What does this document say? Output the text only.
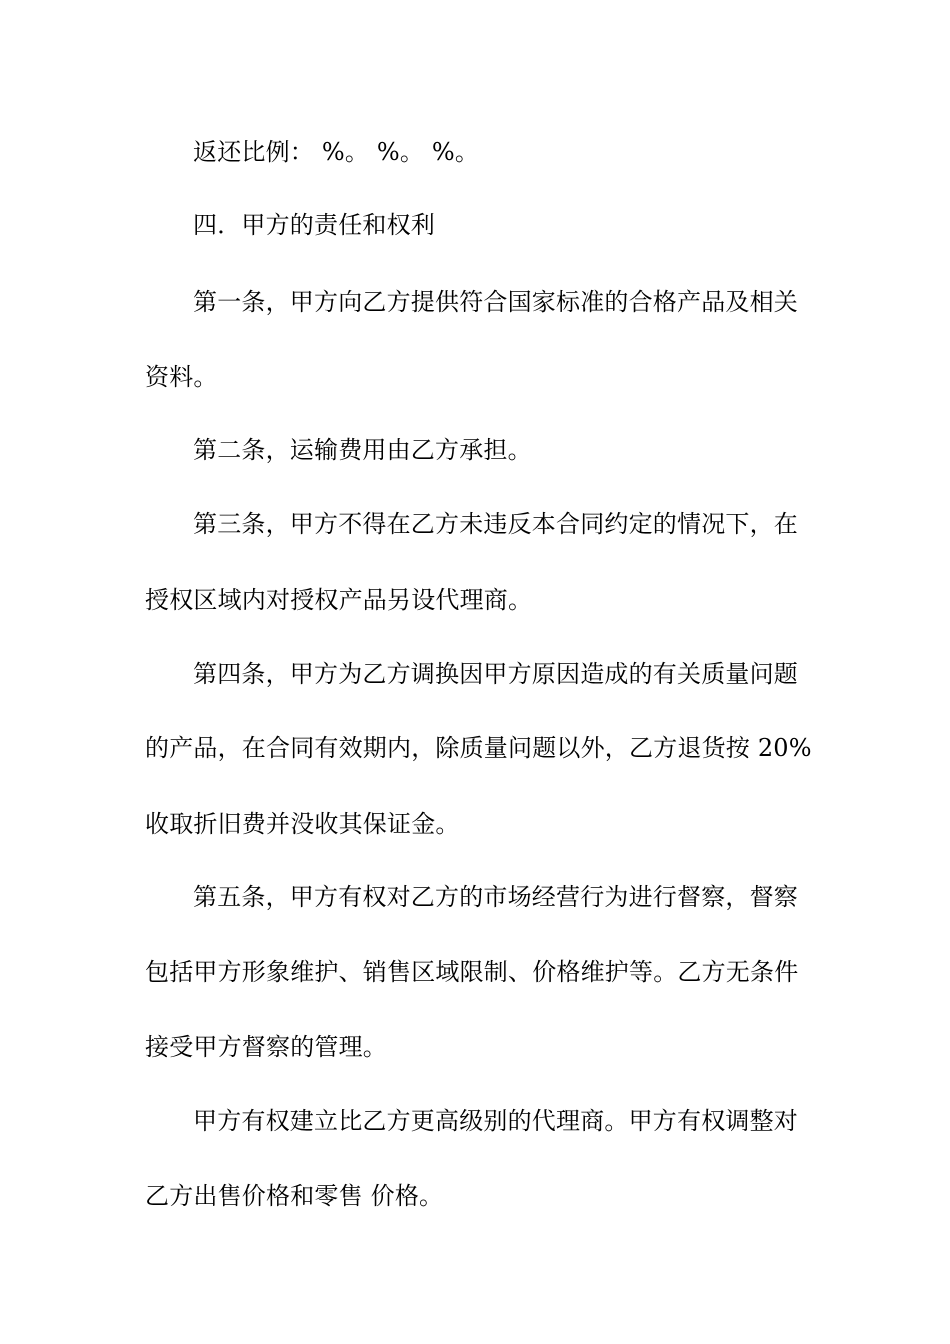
返还比例： %。 %。 %。
四．甲方的责任和权利
第一条，甲方向乙方提供符合国家标准的合格产品及相关
资料。
第二条，运输费用由乙方承担。
第三条，甲方不得在乙方未违反本合同约定的情况下，在
授权区域内对授权产品另设代理商。
第四条，甲方为乙方调换因甲方原因造成的有关质量问题
的产品，在合同有效期内，除质量问题以外，乙方退货按 20%
收取折旧费并没收其保证金。
第五条，甲方有权对乙方的市场经营行为进行督察，督察
包括甲方形象维护、销售区域限制、价格维护等。乙方无条件
接受甲方督察的管理。
甲方有权建立比乙方更高级别的代理商。甲方有权调整对
乙方出售价格和零售 价格。
